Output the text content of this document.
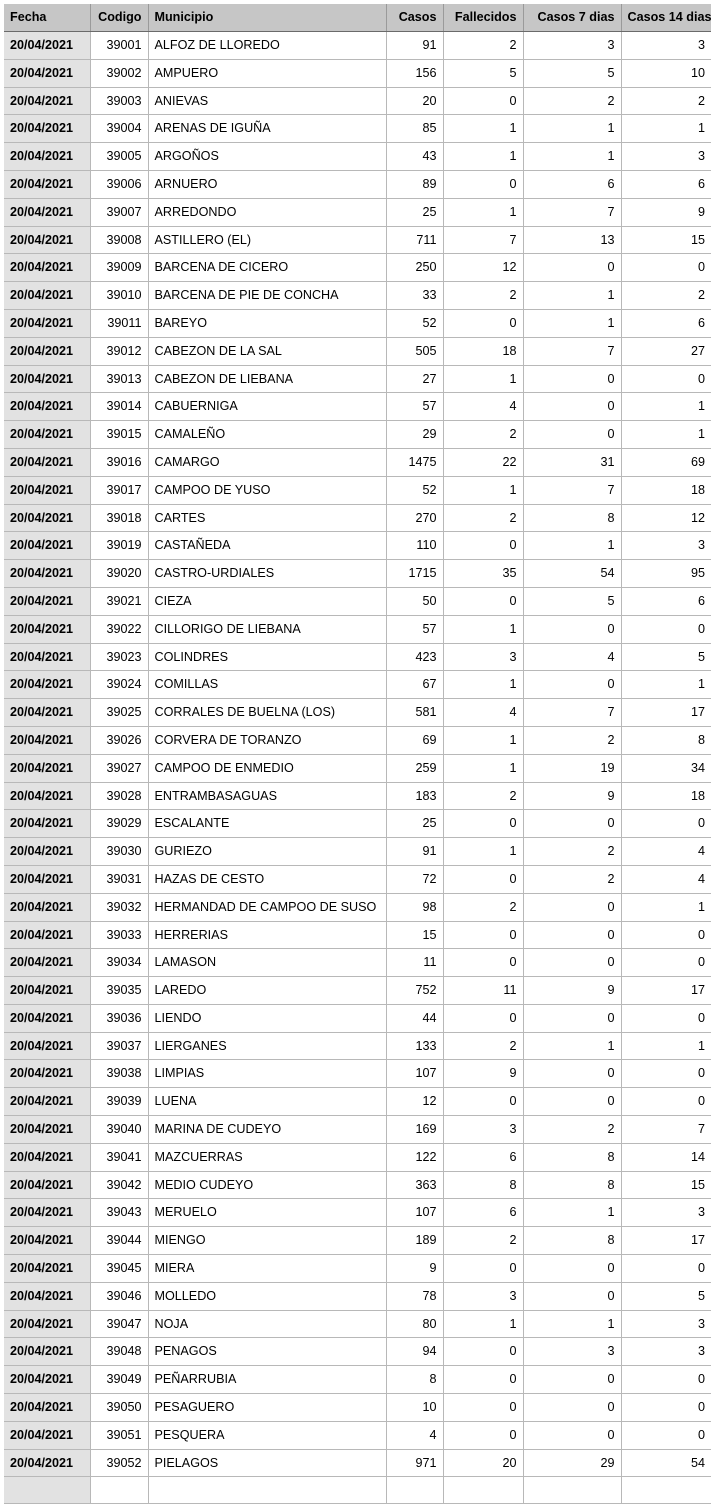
Fecha	Codigo	Municipio	Casos	Fallecidos	Casos 7 dias	Casos 14 dias
20/04/2021	39001	ALFOZ DE LLOREDO	91	2	3	3
20/04/2021	39002	AMPUERO	156	5	5	10
20/04/2021	39003	ANIEVAS	20	0	2	2
20/04/2021	39004	ARENAS DE IGUÑA	85	1	1	1
20/04/2021	39005	ARGOÑOS	43	1	1	3
20/04/2021	39006	ARNUERO	89	0	6	6
20/04/2021	39007	ARREDONDO	25	1	7	9
20/04/2021	39008	ASTILLERO (EL)	711	7	13	15
20/04/2021	39009	BARCENA DE CICERO	250	12	0	0
20/04/2021	39010	BARCENA DE PIE DE CONCHA	33	2	1	2
20/04/2021	39011	BAREYO	52	0	1	6
20/04/2021	39012	CABEZON DE LA SAL	505	18	7	27
20/04/2021	39013	CABEZON DE LIEBANA	27	1	0	0
20/04/2021	39014	CABUERNIGA	57	4	0	1
20/04/2021	39015	CAMALEÑO	29	2	0	1
20/04/2021	39016	CAMARGO	1475	22	31	69
20/04/2021	39017	CAMPOO DE YUSO	52	1	7	18
20/04/2021	39018	CARTES	270	2	8	12
20/04/2021	39019	CASTAÑEDA	110	0	1	3
20/04/2021	39020	CASTRO-URDIALES	1715	35	54	95
20/04/2021	39021	CIEZA	50	0	5	6
20/04/2021	39022	CILLORIGO DE LIEBANA	57	1	0	0
20/04/2021	39023	COLINDRES	423	3	4	5
20/04/2021	39024	COMILLAS	67	1	0	1
20/04/2021	39025	CORRALES DE BUELNA (LOS)	581	4	7	17
20/04/2021	39026	CORVERA DE TORANZO	69	1	2	8
20/04/2021	39027	CAMPOO DE ENMEDIO	259	1	19	34
20/04/2021	39028	ENTRAMBASAGUAS	183	2	9	18
20/04/2021	39029	ESCALANTE	25	0	0	0
20/04/2021	39030	GURIEZO	91	1	2	4
20/04/2021	39031	HAZAS DE CESTO	72	0	2	4
20/04/2021	39032	HERMANDAD DE CAMPOO DE SUSO	98	2	0	1
20/04/2021	39033	HERRERIAS	15	0	0	0
20/04/2021	39034	LAMASON	11	0	0	0
20/04/2021	39035	LAREDO	752	11	9	17
20/04/2021	39036	LIENDO	44	0	0	0
20/04/2021	39037	LIERGANES	133	2	1	1
20/04/2021	39038	LIMPIAS	107	9	0	0
20/04/2021	39039	LUENA	12	0	0	0
20/04/2021	39040	MARINA DE CUDEYO	169	3	2	7
20/04/2021	39041	MAZCUERRAS	122	6	8	14
20/04/2021	39042	MEDIO CUDEYO	363	8	8	15
20/04/2021	39043	MERUELO	107	6	1	3
20/04/2021	39044	MIENGO	189	2	8	17
20/04/2021	39045	MIERA	9	0	0	0
20/04/2021	39046	MOLLEDO	78	3	0	5
20/04/2021	39047	NOJA	80	1	1	3
20/04/2021	39048	PENAGOS	94	0	3	3
20/04/2021	39049	PEÑARRUBIA	8	0	0	0
20/04/2021	39050	PESAGUERO	10	0	0	0
20/04/2021	39051	PESQUERA	4	0	0	0
20/04/2021	39052	PIELAGOS	971	20	29	54
